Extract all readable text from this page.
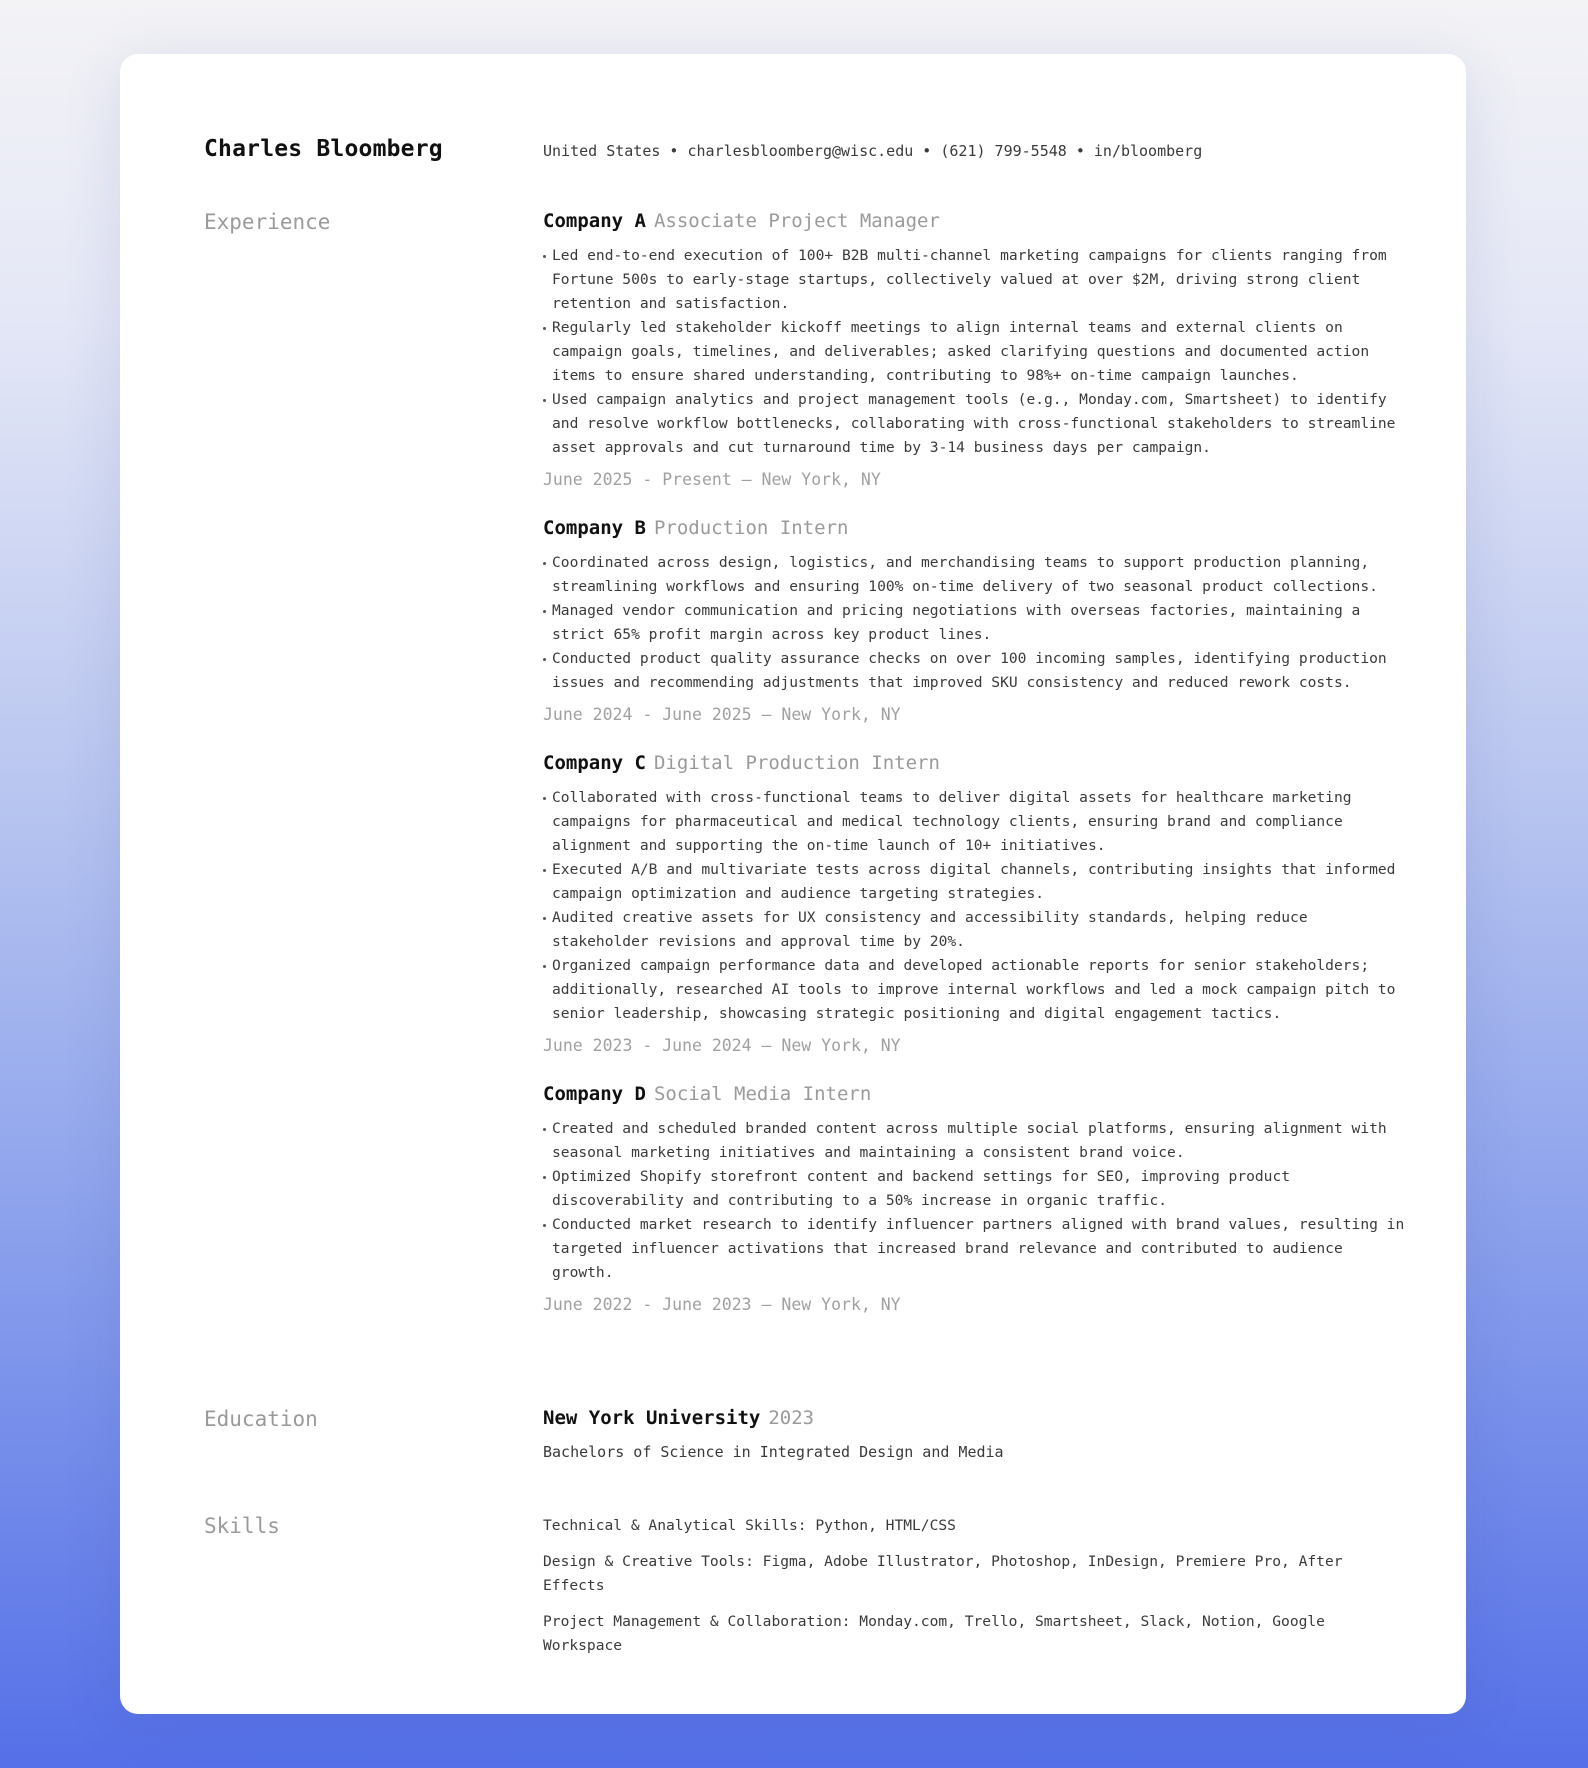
Charles Bloomberg	United States • charlesbloomberg@wisc.edu • (621) 799-5548 • in/bloomberg
Experience	Company A Associate Project Manager
Led end-to-end execution of 100+ B2B multi-channel marketing campaigns for clients ranging from Fortune 500s to early-stage startups, collectively valued at over $2M, driving strong client retention and satisfaction.
Regularly led stakeholder kickoff meetings to align internal teams and external clients on campaign goals, timelines, and deliverables; asked clarifying questions and documented action items to ensure shared understanding, contributing to 98%+ on-time campaign launches.
Used campaign analytics and project management tools (e.g., Monday.com, Smartsheet) to identify and resolve workflow bottlenecks, collaborating with cross-functional stakeholders to streamline asset approvals and cut turnaround time by 3-14 business days per campaign.
June 2025 - Present — New York, NY
Company B Production Intern
Coordinated across design, logistics, and merchandising teams to support production planning, streamlining workflows and ensuring 100% on-time delivery of two seasonal product collections.
Managed vendor communication and pricing negotiations with overseas factories, maintaining a strict 65% profit margin across key product lines.
Conducted product quality assurance checks on over 100 incoming samples, identifying production issues and recommending adjustments that improved SKU consistency and reduced rework costs.
June 2024 - June 2025 — New York, NY
Company C Digital Production Intern
Collaborated with cross-functional teams to deliver digital assets for healthcare marketing campaigns for pharmaceutical and medical technology clients, ensuring brand and compliance alignment and supporting the on-time launch of 10+ initiatives.
Executed A/B and multivariate tests across digital channels, contributing insights that informed campaign optimization and audience targeting strategies.
Audited creative assets for UX consistency and accessibility standards, helping reduce stakeholder revisions and approval time by 20%.
Organized campaign performance data and developed actionable reports for senior stakeholders; additionally, researched AI tools to improve internal workflows and led a mock campaign pitch to senior leadership, showcasing strategic positioning and digital engagement tactics.
June 2023 - June 2024 — New York, NY
Company D Social Media Intern
Created and scheduled branded content across multiple social platforms, ensuring alignment with seasonal marketing initiatives and maintaining a consistent brand voice.
Optimized Shopify storefront content and backend settings for SEO, improving product discoverability and contributing to a 50% increase in organic traffic.
Conducted market research to identify influencer partners aligned with brand values, resulting in targeted influencer activations that increased brand relevance and contributed to audience growth.
June 2022 - June 2023 — New York, NY
Education	New York University 2023
Bachelors of Science in Integrated Design and Media
Skills	Technical & Analytical Skills: Python, HTML/CSS
Design & Creative Tools: Figma, Adobe Illustrator, Photoshop, InDesign, Premiere Pro, After Effects
Project Management & Collaboration: Monday.com, Trello, Smartsheet, Slack, Notion, Google Workspace
